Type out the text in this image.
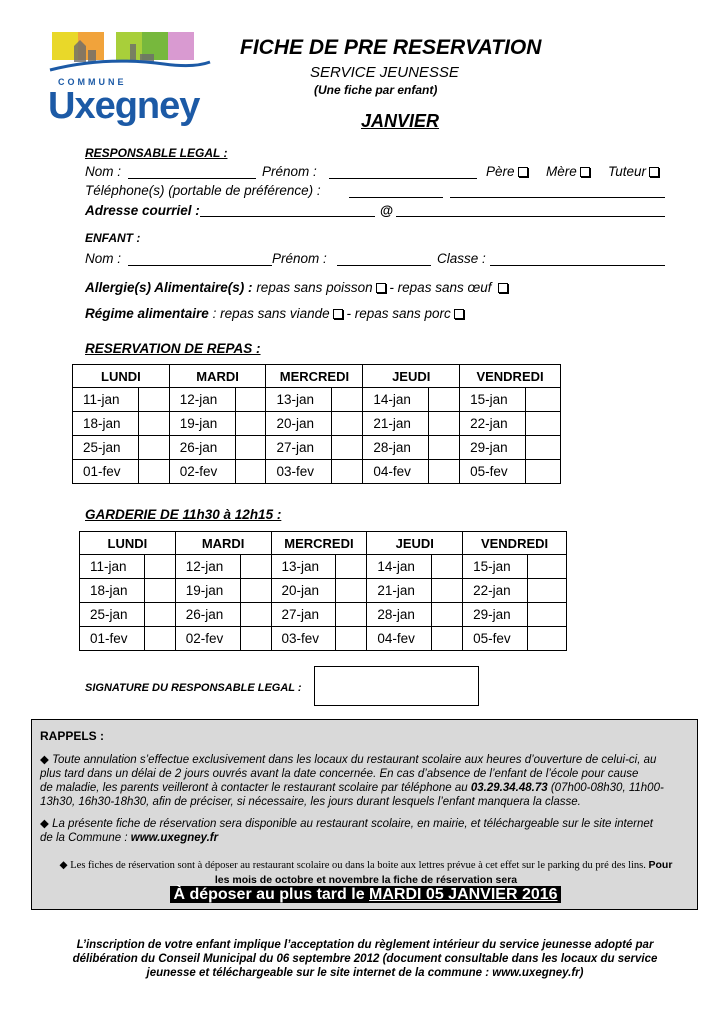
COMMUNE
Uxegney
FICHE DE PRE RESERVATION
SERVICE JEUNESSE
(Une fiche par enfant)
JANVIER
RESPONSABLE LEGAL :
Nom :	Prénom :	Père	Mère	Tuteur
Téléphone(s) (portable de préférence) :
Adresse courriel :	@
ENFANT :
Nom :	Prénom :	Classe :
Allergie(s) Alimentaire(s) : repas sans poisson - repas sans œuf
Régime alimentaire : repas sans viande - repas sans porc
RESERVATION DE REPAS :
LUNDI		MARDI		MERCREDI		JEUDI		VENDREDI	
11-jan		12-jan		13-jan		14-jan		15-jan	
18-jan		19-jan		20-jan		21-jan		22-jan	
25-jan		26-jan		27-jan		28-jan		29-jan	
01-fev		02-fev		03-fev		04-fev		05-fev	
GARDERIE DE 11h30 à 12h15 :
LUNDI		MARDI		MERCREDI		JEUDI		VENDREDI	
11-jan		12-jan		13-jan		14-jan		15-jan	
18-jan		19-jan		20-jan		21-jan		22-jan	
25-jan		26-jan		27-jan		28-jan		29-jan	
01-fev		02-fev		03-fev		04-fev		05-fev	
SIGNATURE DU RESPONSABLE LEGAL :
RAPPELS :

◆ Toute annulation s’effectue exclusivement dans les locaux du restaurant scolaire aux heures d’ouverture de celui-ci, au
plus tard dans un délai de 2 jours ouvrés avant la date concernée. En cas d’absence de l’enfant de l’école pour cause
de maladie, les parents veilleront à contacter le restaurant scolaire par téléphone au 03.29.34.48.73 (07h00-08h30, 11h00-
13h30, 16h30-18h30, afin de préciser, si nécessaire, les jours durant lesquels l’enfant manquera la classe.

◆ La présente fiche de réservation sera disponible au restaurant scolaire, en mairie, et téléchargeable sur le site internet
de la Commune : www.uxegney.fr

◆ Les fiches de réservation sont à déposer au restaurant scolaire ou dans la boite aux lettres prévue à cet effet sur le parking du pré des lins. Pour
les mois de octobre et novembre la fiche de réservation sera

À déposer au plus tard le MARDI 05 JANVIER 2016
L’inscription de votre enfant implique l’acceptation du règlement intérieur du service jeunesse adopté par
délibération du Conseil Municipal du 06 septembre 2012 (document consultable dans les locaux du service
jeunesse et téléchargeable sur le site internet de la commune : www.uxegney.fr)
